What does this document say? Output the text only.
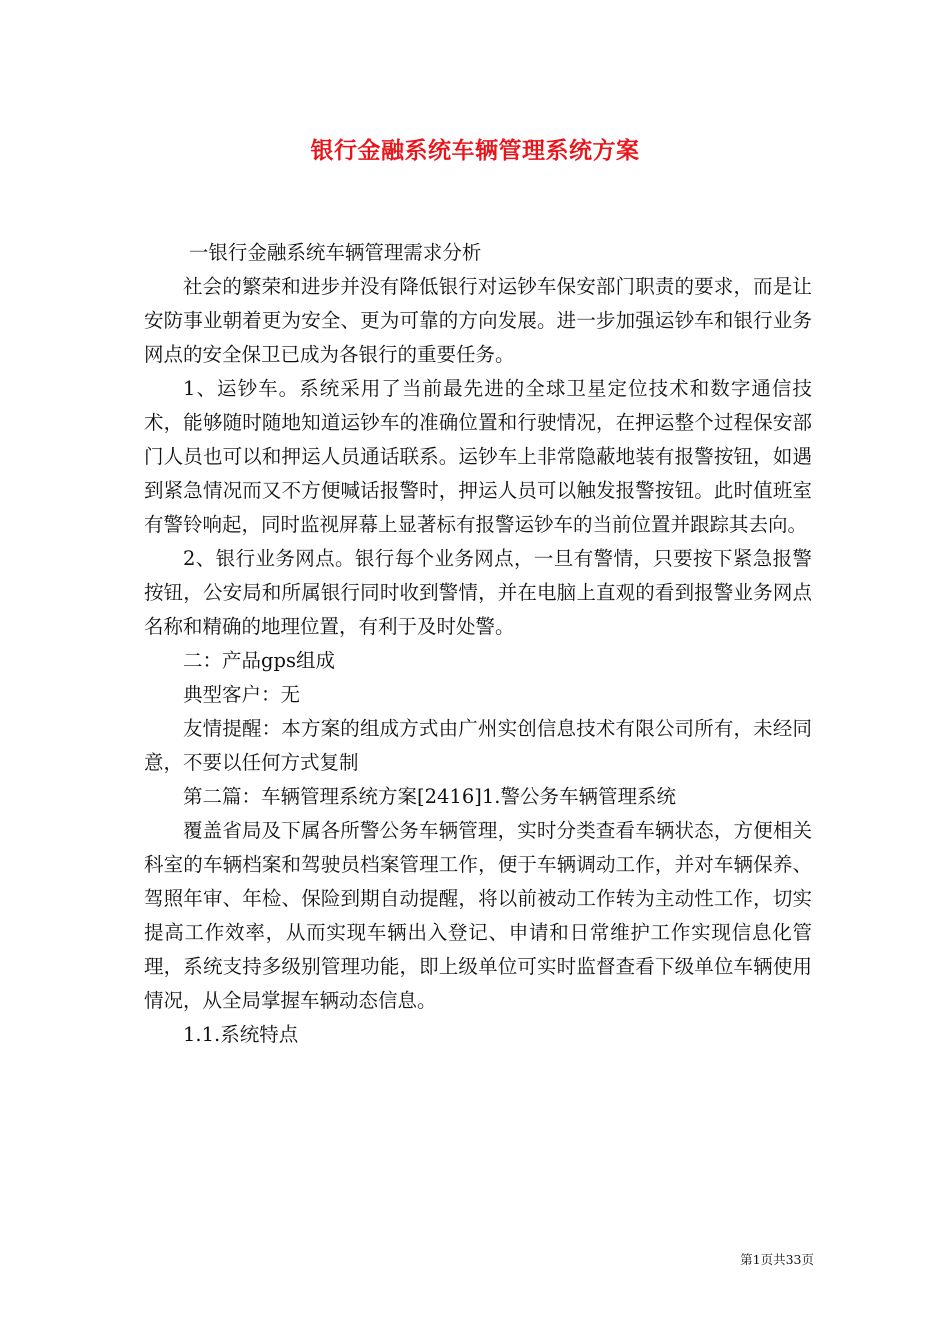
银行金融系统车辆管理系统方案

一银行金融系统车辆管理需求分析

社会的繁荣和进步并没有降低银行对运钞车保安部门职责的要求，而是让安防事业朝着更为安全、更为可靠的方向发展。进一步加强运钞车和银行业务网点的安全保卫已成为各银行的重要任务。

1、运钞车。系统采用了当前最先进的全球卫星定位技术和数字通信技术，能够随时随地知道运钞车的准确位置和行驶情况，在押运整个过程保安部门人员也可以和押运人员通话联系。运钞车上非常隐蔽地装有报警按钮，如遇到紧急情况而又不方便喊话报警时，押运人员可以触发报警按钮。此时值班室有警铃响起，同时监视屏幕上显著标有报警运钞车的当前位置并跟踪其去向。

2、银行业务网点。银行每个业务网点，一旦有警情，只要按下紧急报警按钮，公安局和所属银行同时收到警情，并在电脑上直观的看到报警业务网点名称和精确的地理位置，有利于及时处警。

二：产品gps组成

典型客户：无

友情提醒：本方案的组成方式由广州实创信息技术有限公司所有，未经同意，不要以任何方式复制

第二篇：车辆管理系统方案[2416]1.警公务车辆管理系统

覆盖省局及下属各所警公务车辆管理，实时分类查看车辆状态，方便相关科室的车辆档案和驾驶员档案管理工作，便于车辆调动工作，并对车辆保养、驾照年审、年检、保险到期自动提醒，将以前被动工作转为主动性工作，切实提高工作效率，从而实现车辆出入登记、申请和日常维护工作实现信息化管理，系统支持多级别管理功能，即上级单位可实时监督查看下级单位车辆使用情况，从全局掌握车辆动态信息。

1.1.系统特点

第1页共33页
